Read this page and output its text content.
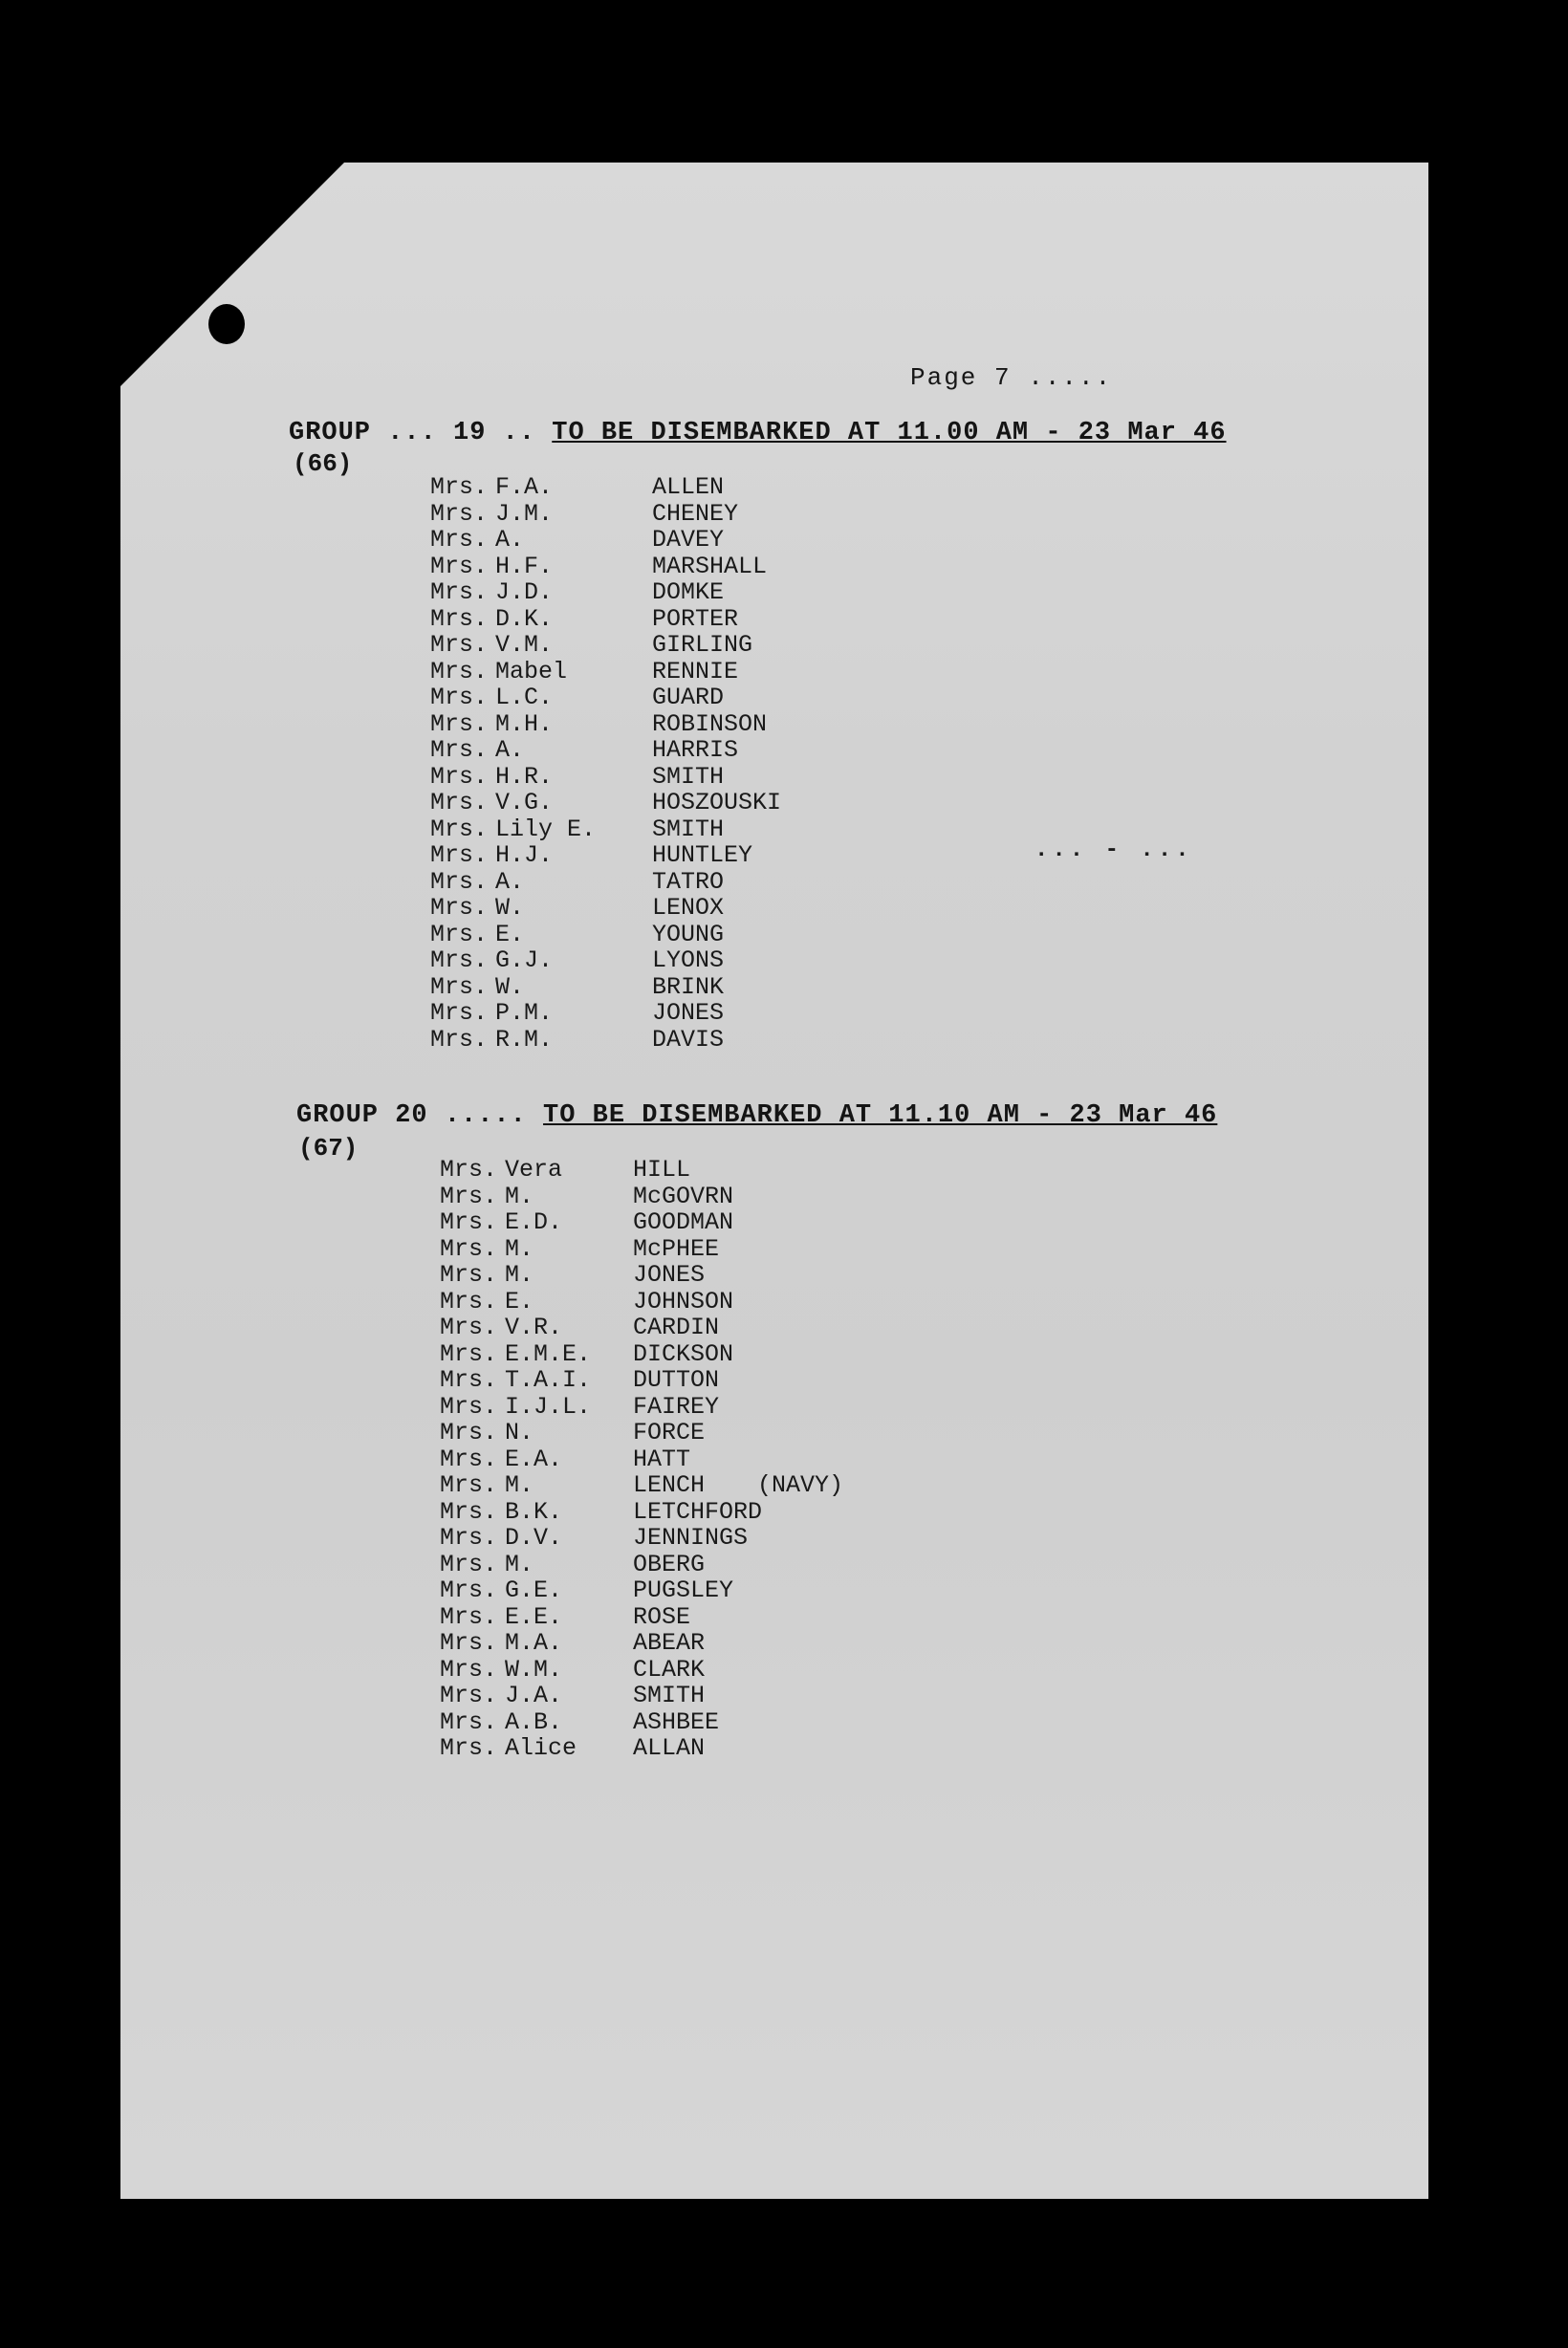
Page 7 .....
GROUP ... 19 .. TO BE DISEMBARKED AT 11.00 AM - 23 Mar 46
(66)
Mrs. F.A.	ALLEN
Mrs. J.M.	CHENEY
Mrs. A.	DAVEY
Mrs. H.F.	MARSHALL
Mrs. J.D.	DOMKE
Mrs. D.K.	PORTER
Mrs. V.M.	GIRLING
Mrs. Mabel	RENNIE
Mrs. L.C.	GUARD
Mrs. M.H.	ROBINSON
Mrs. A.	HARRIS
Mrs. H.R.	SMITH
Mrs. V.G.	HOSZOUSKI
Mrs. Lily E.	SMITH
Mrs. H.J.	HUNTLEY
Mrs. A.	TATRO
Mrs. W.	LENOX
Mrs. E.	YOUNG
Mrs. G.J.	LYONS
Mrs. W.	BRINK
Mrs. P.M.	JONES
Mrs. R.M.	DAVIS
... - ...
GROUP 20 ..... TO BE DISEMBARKED AT 11.10 AM - 23 Mar 46
(67)
Mrs. Vera	HILL
Mrs. M.	McGOVRN
Mrs. E.D.	GOODMAN
Mrs. M.	McPHEE
Mrs. M.	JONES
Mrs. E.	JOHNSON
Mrs. V.R.	CARDIN
Mrs. E.M.E.	DICKSON
Mrs. T.A.I.	DUTTON
Mrs. I.J.L.	FAIREY
Mrs. N.	FORCE
Mrs. E.A.	HATT
Mrs. M.	LENCH	(NAVY)
Mrs. B.K.	LETCHFORD
Mrs. D.V.	JENNINGS
Mrs. M.	OBERG
Mrs. G.E.	PUGSLEY
Mrs. E.E.	ROSE
Mrs. M.A.	ABEAR
Mrs. W.M.	CLARK
Mrs. J.A.	SMITH
Mrs. A.B.	ASHBEE
Mrs. Alice	ALLAN
